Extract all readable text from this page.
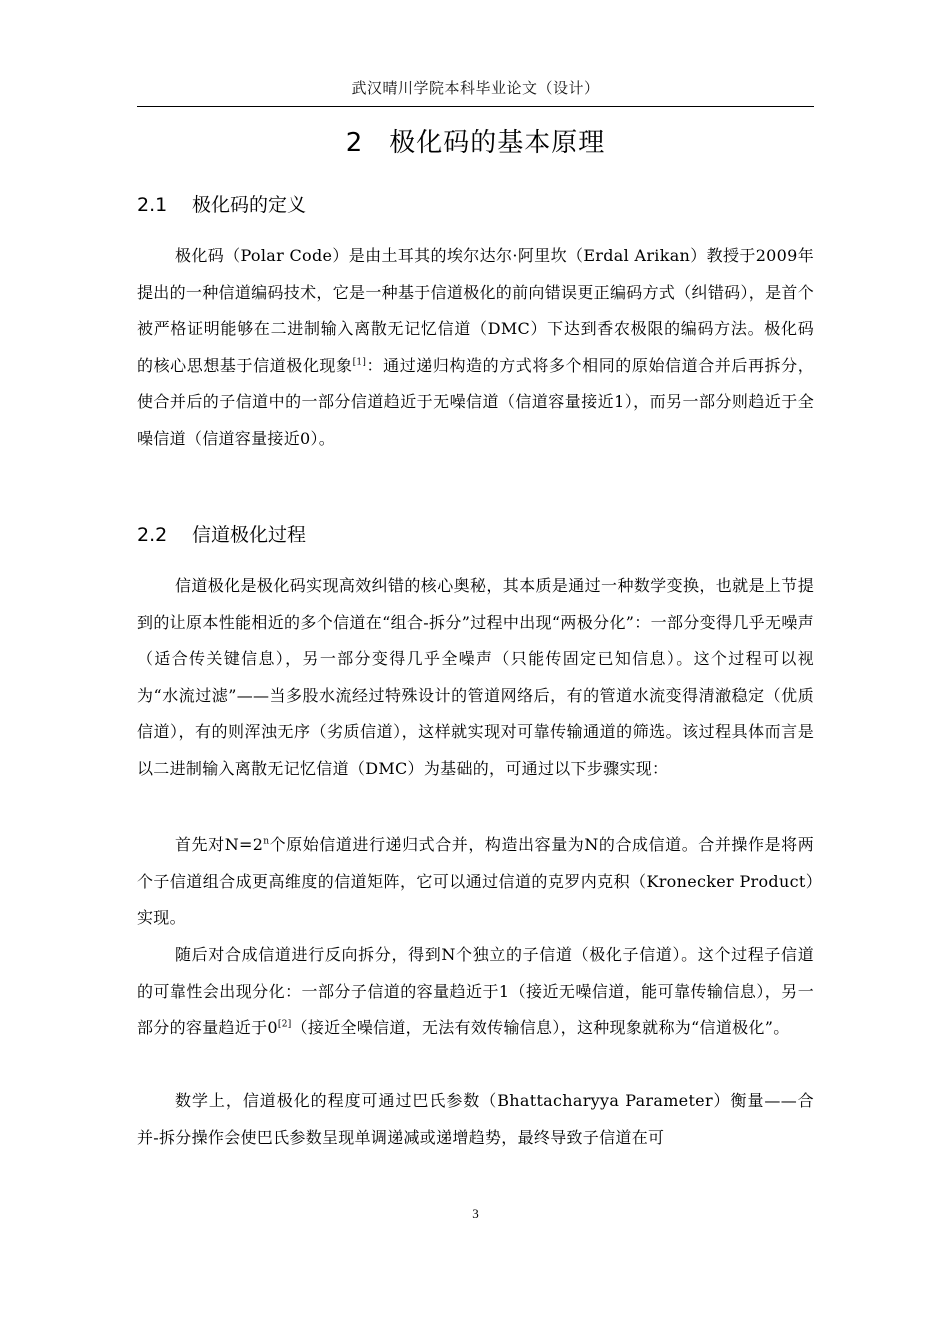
武汉晴川学院本科毕业论文（设计）
2 极化码的基本原理
2.1 极化码的定义

极化码（Polar Code）是由土耳其的埃尔达尔·阿里坎（Erdal Arikan）教授于2009年提出的一种信道编码技术，它是一种基于信道极化的前向错误更正编码方式（纠错码），是首个被严格证明能够在二进制输入离散无记忆信道（DMC）下达到香农极限的编码方法。极化码的核心思想基于信道极化现象[1]：通过递归构造的方式将多个相同的原始信道合并后再拆分，使合并后的子信道中的一部分信道趋近于无噪信道（信道容量接近1），而另一部分则趋近于全噪信道（信道容量接近0）。

2.2 信道极化过程

信道极化是极化码实现高效纠错的核心奥秘，其本质是通过一种数学变换，也就是上节提到的让原本性能相近的多个信道在“组合-拆分”过程中出现“两极分化”：一部分变得几乎无噪声（适合传关键信息），另一部分变得几乎全噪声（只能传固定已知信息）。这个过程可以视为“水流过滤”——当多股水流经过特殊设计的管道网络后，有的管道水流变得清澈稳定（优质信道），有的则浑浊无序（劣质信道），这样就实现对可靠传输通道的筛选。该过程具体而言是以二进制输入离散无记忆信道（DMC）为基础的，可通过以下步骤实现：

首先对$N=2^n$个原始信道进行递归式合并，构造出容量为N的合成信道。合并操作是将两个子信道组合成更高维度的信道矩阵，它可以通过信道的克罗内克积（Kronecker Product）实现。

随后对合成信道进行反向拆分，得到N个独立的子信道（极化子信道）。这个过程子信道的可靠性会出现分化：一部分子信道的容量趋近于1（接近无噪信道，能可靠传输信息），另一部分的容量趋近于0[2]（接近全噪信道，无法有效传输信息），这种现象就称为“信道极化”。

数学上，信道极化的程度可通过巴氏参数（Bhattacharyya Parameter）衡量——合并-拆分操作会使巴氏参数呈现单调递减或递增趋势，最终导致子信道在可

3
